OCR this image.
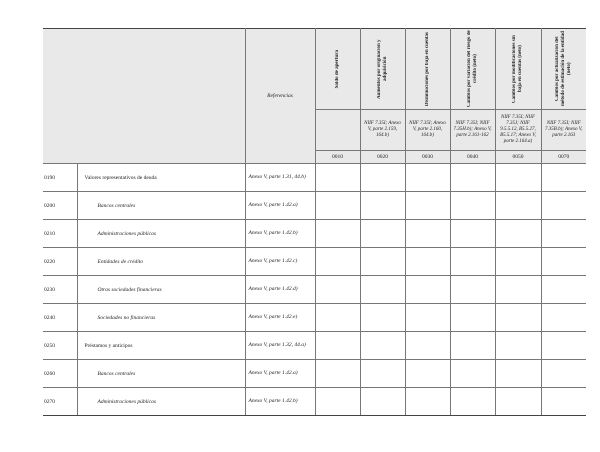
		Referencias	Saldo de apertura	Aumentos por originación y adquisición	Disminuciones por baja en cuentas	Cambios por variación del riesgo de crédito (neto)	Cambios por modificaciones sin baja en cuentas (neto)	Cambios por actualización del método de estimación de la entidad (neto)

				NIIF 7.35I; Anexo V, parte 2.159, 164.b)	NIIF 7.35I; Anexo V, parte 2.160, 164.b)	NIIF 7.35I; NIIF 7.35H.b); Anexo V, parte 2.161-162	NIIF 7.35I; NIIF 7.35J; NIIF 9.5.5.12, B5.5.27, B5.5.17; Anexo V, parte 2.164.a)	NIIF 7.35I; NIIF 7.35B.b); Anexo V, parte 2.163

			0010	0020	0030	0040	0050	0070

0190	Valores representativos de deuda	Anexo V, parte 1.31, 44.b)						

0200	Bancos centrales	Anexo V, parte 1.42.a)						

0210	Administraciones públicas	Anexo V, parte 1.42.b)						

0220	Entidades de crédito	Anexo V, parte 1.42.c)						

0230	Otras sociedades financieras	Anexo V, parte 1.42.d)						

0240	Sociedades no financieras	Anexo V, parte 1.42.e)						

0250	Préstamos y anticipos	Anexo V, parte 1.32, 44.a)						

0260	Bancos centrales	Anexo V, parte 1.42.a)						

0270	Administraciones públicas	Anexo V, parte 1.42.b)						
